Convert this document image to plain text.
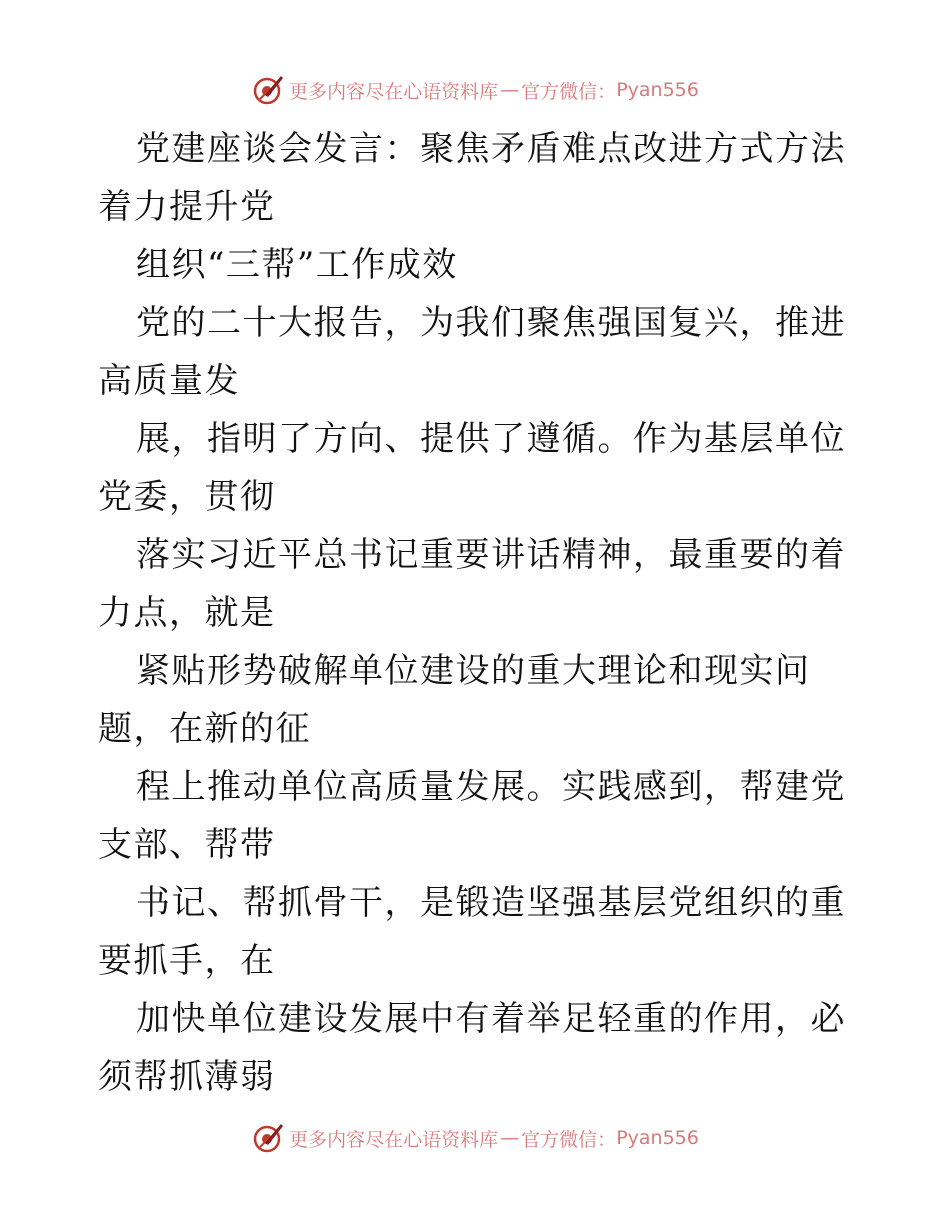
更多内容尽在心语资料库 — 官方微信： Pyan556

党建座谈会发言：聚焦矛盾难点改进方式方法着力提升党

组织“三帮”工作成效

党的二十大报告，为我们聚焦强国复兴，推进高质量发

展，指明了方向、提供了遵循。作为基层单位党委，贯彻

落实习近平总书记重要讲话精神，最重要的着力点，就是

紧贴形势破解单位建设的重大理论和现实问题，在新的征

程上推动单位高质量发展。实践感到，帮建党支部、帮带

书记、帮抓骨干，是锻造坚强基层党组织的重要抓手，在

加快单位建设发展中有着举足轻重的作用，必须帮抓薄弱

更多内容尽在心语资料库 — 官方微信： Pyan556
